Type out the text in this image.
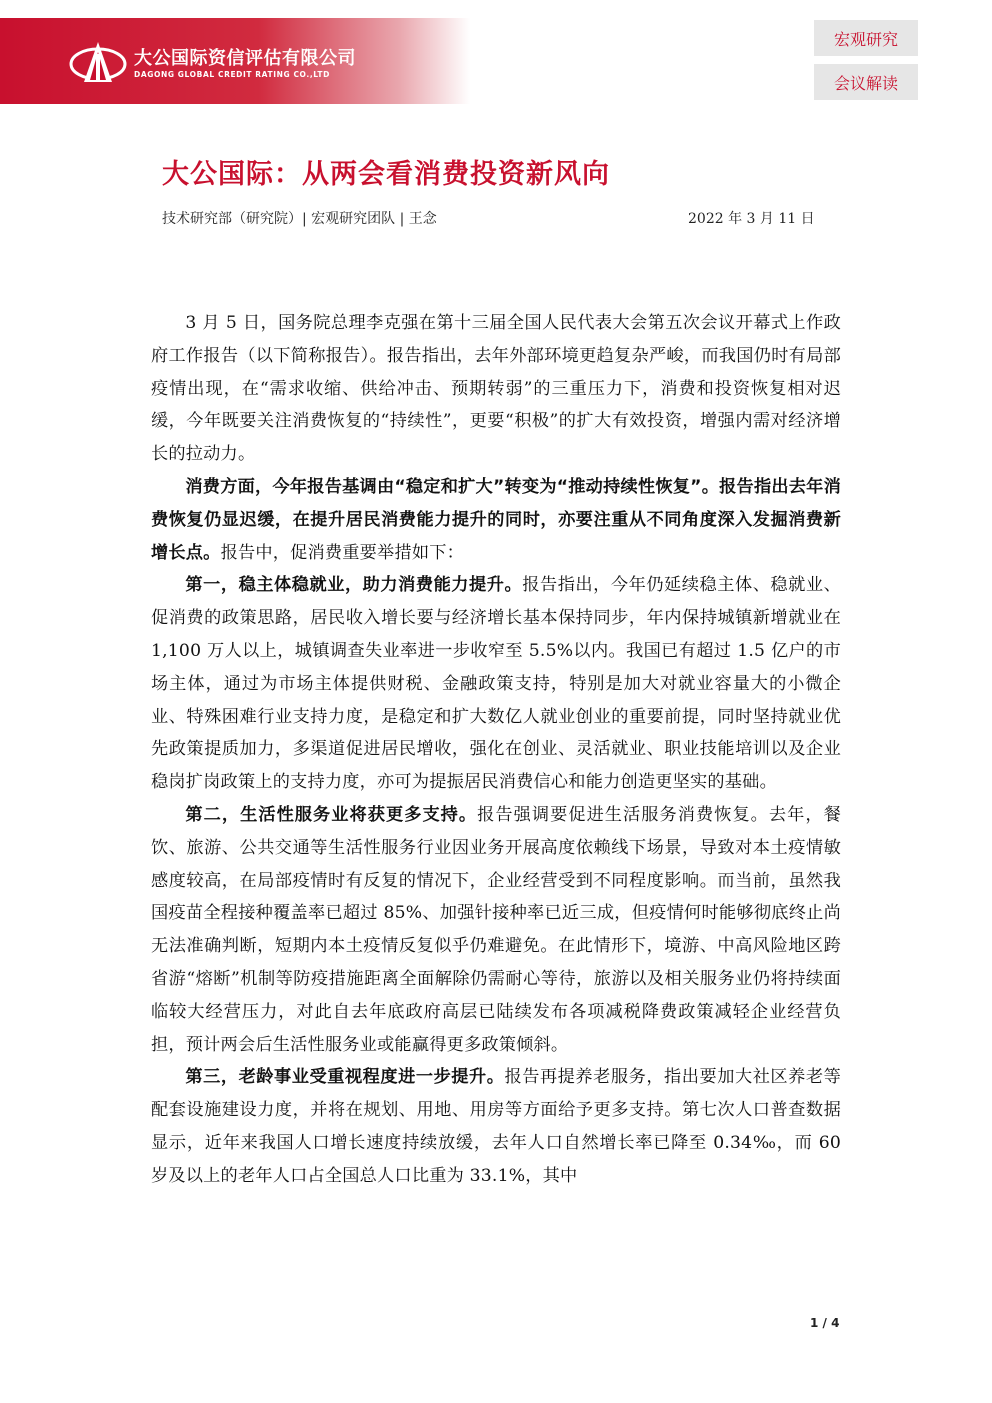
大公国际资信评估有限公司
DAGONG GLOBAL CREDIT RATING CO.,LTD
宏观研究
会议解读
大公国际：从两会看消费投资新风向
技术研究部（研究院）| 宏观研究团队 | 王念	2022 年 3 月 11 日

3 月 5 日，国务院总理李克强在第十三届全国人民代表大会第五次会议开幕式上作政府工作报告（以下简称报告）。报告指出，去年外部环境更趋复杂严峻，而我国仍时有局部疫情出现，在“需求收缩、供给冲击、预期转弱”的三重压力下，消费和投资恢复相对迟缓，今年既要关注消费恢复的“持续性”，更要“积极”的扩大有效投资，增强内需对经济增长的拉动力。

消费方面，今年报告基调由“稳定和扩大”转变为“推动持续性恢复”。报告指出去年消费恢复仍显迟缓，在提升居民消费能力提升的同时，亦要注重从不同角度深入发掘消费新增长点。报告中，促消费重要举措如下：

第一，稳主体稳就业，助力消费能力提升。报告指出，今年仍延续稳主体、稳就业、促消费的政策思路，居民收入增长要与经济增长基本保持同步，年内保持城镇新增就业在 1,100 万人以上，城镇调查失业率进一步收窄至 5.5%以内。我国已有超过 1.5 亿户的市场主体，通过为市场主体提供财税、金融政策支持，特别是加大对就业容量大的小微企业、特殊困难行业支持力度，是稳定和扩大数亿人就业创业的重要前提，同时坚持就业优先政策提质加力，多渠道促进居民增收，强化在创业、灵活就业、职业技能培训以及企业稳岗扩岗政策上的支持力度，亦可为提振居民消费信心和能力创造更坚实的基础。

第二，生活性服务业将获更多支持。报告强调要促进生活服务消费恢复。去年，餐饮、旅游、公共交通等生活性服务行业因业务开展高度依赖线下场景，导致对本土疫情敏感度较高，在局部疫情时有反复的情况下，企业经营受到不同程度影响。而当前，虽然我国疫苗全程接种覆盖率已超过 85%、加强针接种率已近三成，但疫情何时能够彻底终止尚无法准确判断，短期内本土疫情反复似乎仍难避免。在此情形下，境游、中高风险地区跨省游“熔断”机制等防疫措施距离全面解除仍需耐心等待，旅游以及相关服务业仍将持续面临较大经营压力，对此自去年底政府高层已陆续发布各项减税降费政策减轻企业经营负担，预计两会后生活性服务业或能赢得更多政策倾斜。

第三，老龄事业受重视程度进一步提升。报告再提养老服务，指出要加大社区养老等配套设施建设力度，并将在规划、用地、用房等方面给予更多支持。第七次人口普查数据显示，近年来我国人口增长速度持续放缓，去年人口自然增长率已降至 0.34‰，而 60 岁及以上的老年人口占全国总人口比重为 33.1%，其中

1 / 4
